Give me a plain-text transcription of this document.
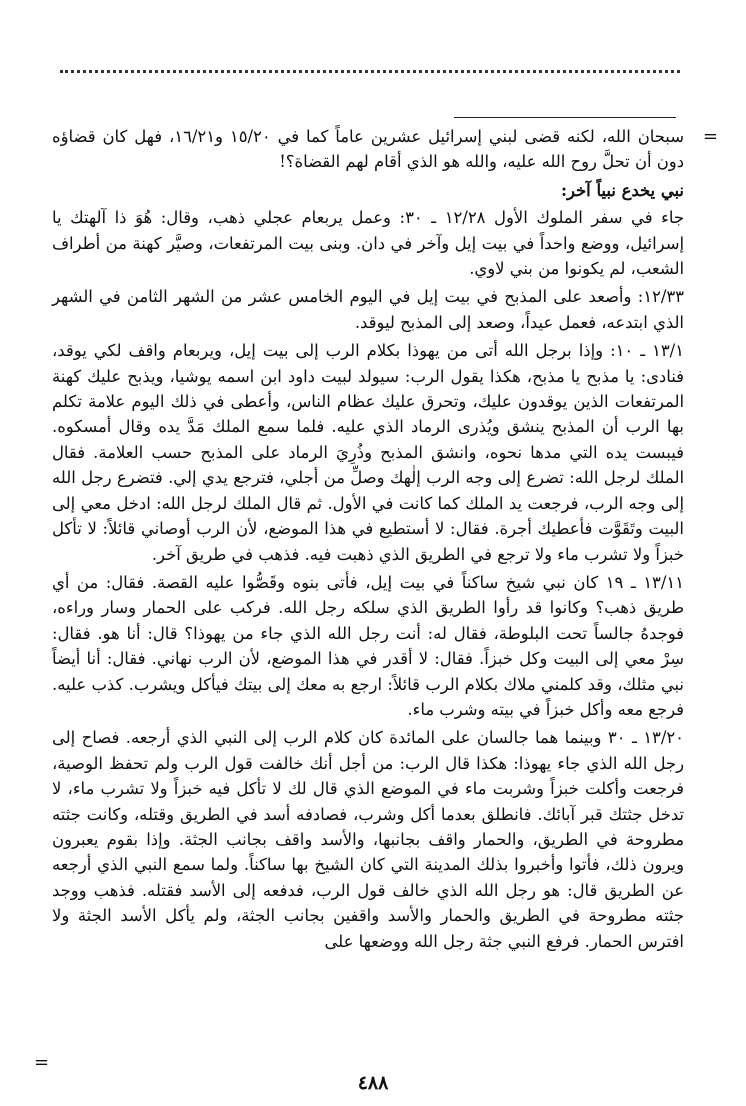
=

سبحان الله، لكنه قضى لبني إسرائيل عشرين عاماً كما في ١٥/٢٠ و١٦/٢١، فهل كان قضاؤه دون أن تحلَّ روح الله عليه، والله هو الذي أقام لهم القضاة؟!

نبي يخدع نبياً آخر:

جاء في سفر الملوك الأول ١٢/٢٨ ـ ٣٠: وعمل يربعام عجلي ذهب، وقال: هُوَ ذا آلهتك يا إسرائيل، ووضع واحداً في بيت إيل وآخر في دان. وبنى بيت المرتفعات، وصيَّر كهنة من أطراف الشعب، لم يكونوا من بني لاوي.

١٢/٣٣: وأصعد على المذبح في بيت إيل في اليوم الخامس عشر من الشهر الثامن في الشهر الذي ابتدعه، فعمل عيداً، وصعد إلى المذبح ليوقد.

١٣/١ ـ ١٠: وإذا برجل الله أتى من يهوذا بكلام الرب إلى بيت إيل، ويربعام واقف لكي يوقد، فنادى: يا مذبح يا مذبح، هكذا يقول الرب: سيولد لبيت داود ابن اسمه يوشيا، ويذبح عليك كهنة المرتفعات الذين يوقدون عليك، وتحرق عليك عظام الناس، وأعطى في ذلك اليوم علامة تكلم بها الرب أن المذبح ينشق ويُذرى الرماد الذي عليه. فلما سمع الملك مَدَّ يده وقال أمسكوه. فيبست يده التي مدها نحوه، وانشق المذبح وذُرِيَ الرماد على المذبح حسب العلامة. فقال الملك لرجل الله: تضرع إلى وجه الرب إلٰهك وصلِّ من أجلي، فترجع يدي إلي. فتضرع رجل الله إلى وجه الرب، فرجعت يد الملك كما كانت في الأول. ثم قال الملك لرجل الله: ادخل معي إلى البيت وتَقَوَّت فأعطيك أجرة. فقال: لا أستطيع في هذا الموضع، لأن الرب أوصاني قائلاً: لا تأكل خبزاً ولا تشرب ماء ولا ترجع في الطريق الذي ذهبت فيه. فذهب في طريق آخر.

١٣/١١ ـ ١٩ كان نبي شيخ ساكناً في بيت إيل، فأتى بنوه وقَصُّوا عليه القصة. فقال: من أي طريق ذهب؟ وكانوا قد رأوا الطريق الذي سلكه رجل الله. فركب على الحمار وسار وراءه، فوجدهُ جالساً تحت البلوطة، فقال له: أنت رجل الله الذي جاء من يهوذا؟ قال: أنا هو. فقال: سِرْ معي إلى البيت وكل خبزاً. فقال: لا أقدر في هذا الموضع، لأن الرب نهاني. فقال: أنا أيضاً نبي مثلك، وقد كلمني ملاك بكلام الرب قائلاً: ارجع به معك إلى بيتك فيأكل ويشرب. كذب عليه. فرجع معه وأكل خبزاً في بيته وشرب ماء.

١٣/٢٠ ـ ٣٠ وبينما هما جالسان على المائدة كان كلام الرب إلى النبي الذي أرجعه. فصاح إلى رجل الله الذي جاء يهوذا: هكذا قال الرب: من أجل أنك خالفت قول الرب ولم تحفظ الوصية، فرجعت وأكلت خبزاً وشربت ماء في الموضع الذي قال لك لا تأكل فيه خبزاً ولا تشرب ماء، لا تدخل جثتك قبر آبائك. فانطلق بعدما أكل وشرب، فصادفه أسد في الطريق وقتله، وكانت جثته مطروحة في الطريق، والحمار واقف بجانبها، والأسد واقف بجانب الجثة. وإذا بقوم يعبرون ويرون ذلك، فأتوا وأخبروا بذلك المدينة التي كان الشيخ بها ساكناً. ولما سمع النبي الذي أرجعه عن الطريق قال: هو رجل الله الذي خالف قول الرب، فدفعه إلى الأسد فقتله. فذهب ووجد جثته مطروحة في الطريق والحمار والأسد واقفين بجانب الجثة، ولم يأكل الأسد الجثة ولا افترس الحمار. فرفع النبي جثة رجل الله ووضعها على

=
٤٨٨
